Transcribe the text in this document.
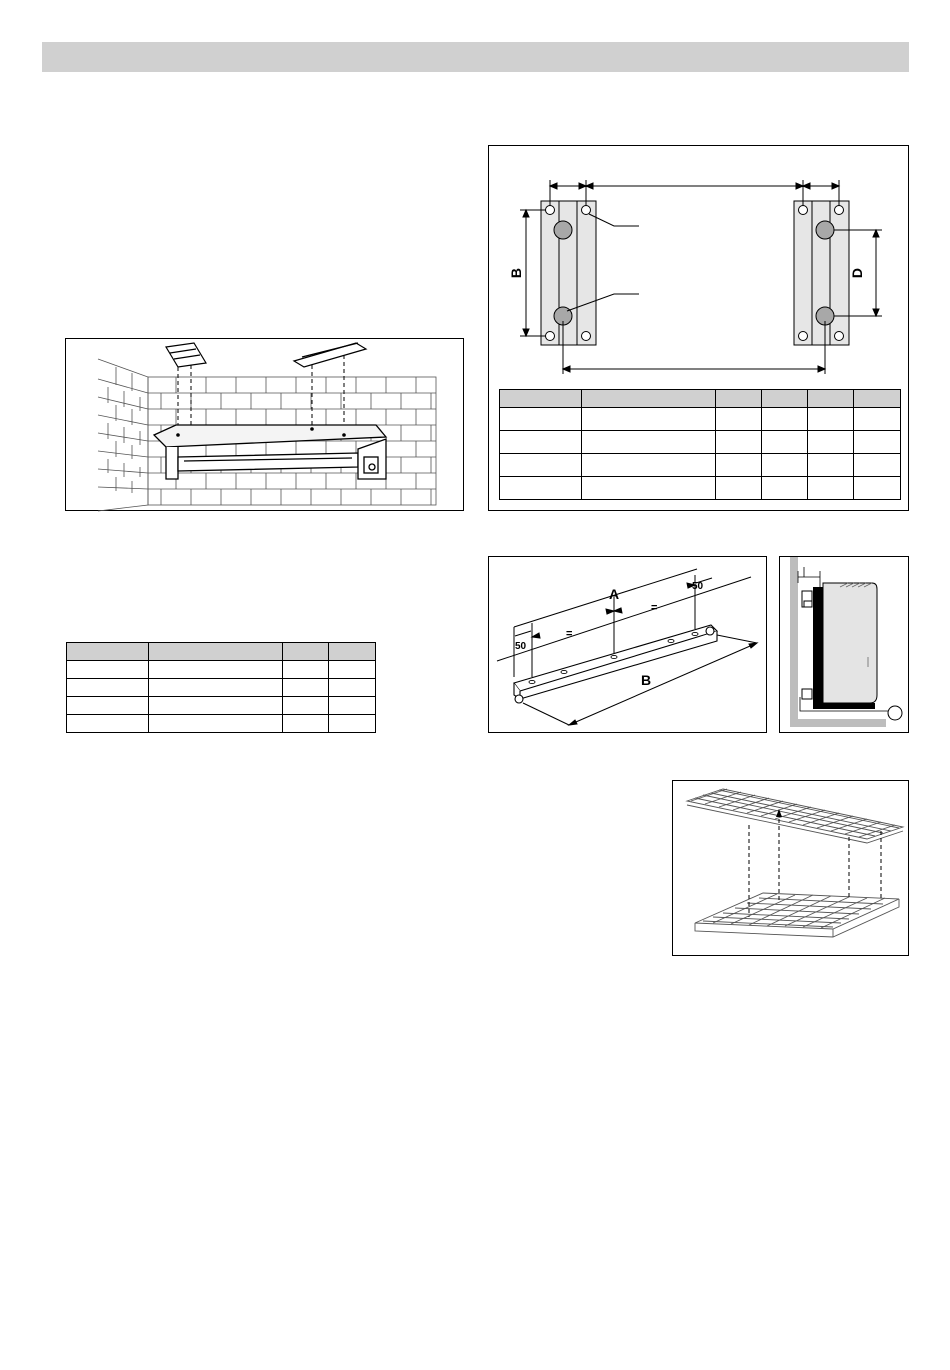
B	D

A
B
50
50
=
=
